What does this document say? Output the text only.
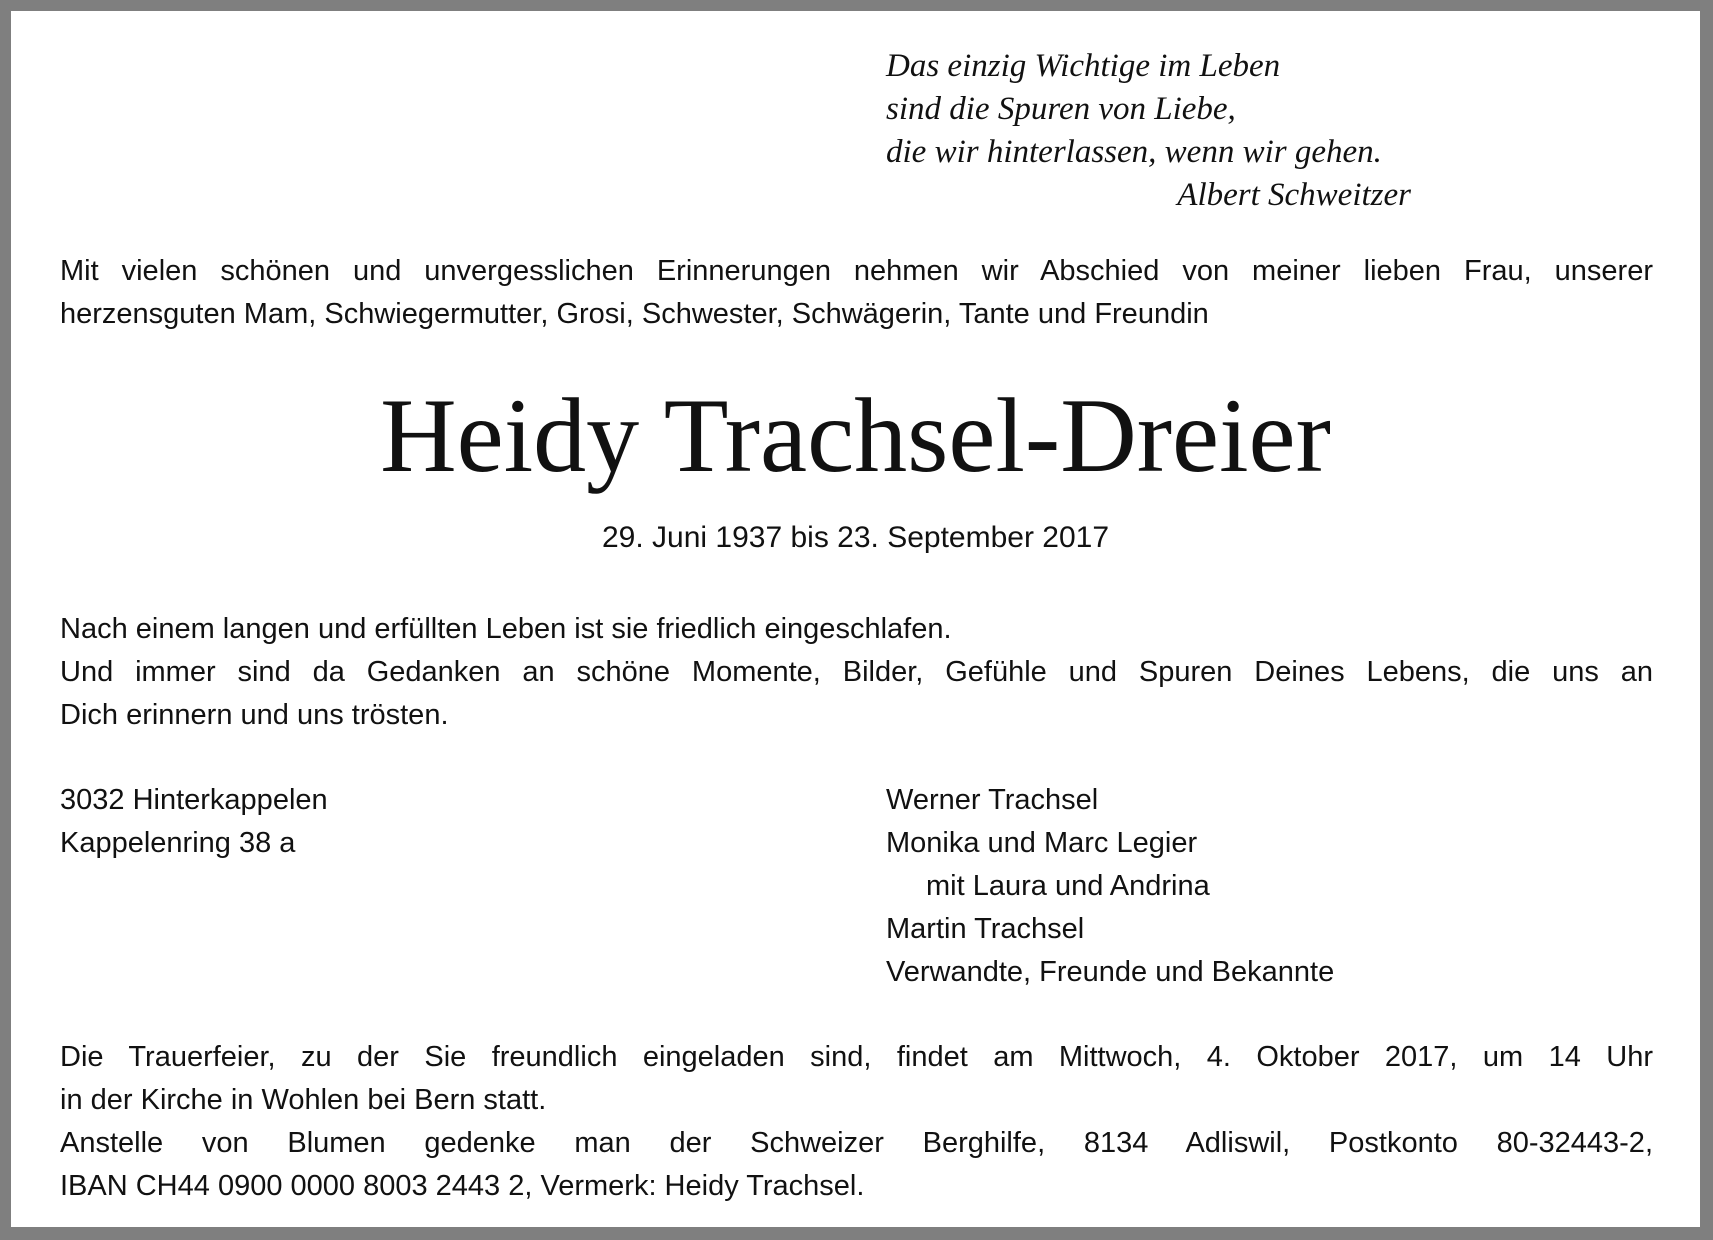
Das einzig Wichtige im Leben
sind die Spuren von Liebe,
die wir hinterlassen, wenn wir gehen.
Albert Schweitzer
Mit vielen schönen und unvergesslichen Erinnerungen nehmen wir Abschied von meiner lieben Frau, unserer
herzensguten Mam, Schwiegermutter, Grosi, Schwester, Schwägerin, Tante und Freundin
Heidy Trachsel-Dreier
29. Juni 1937 bis 23. September 2017
Nach einem langen und erfüllten Leben ist sie friedlich eingeschlafen.
Und immer sind da Gedanken an schöne Momente, Bilder, Gefühle und Spuren Deines Lebens, die uns an
Dich erinnern und uns trösten.
3032 Hinterkappelen
Kappelenring 38 a
Werner Trachsel
Monika und Marc Legier
mit Laura und Andrina
Martin Trachsel
Verwandte, Freunde und Bekannte
Die Trauerfeier, zu der Sie freundlich eingeladen sind, findet am Mittwoch, 4. Oktober 2017, um 14 Uhr
in der Kirche in Wohlen bei Bern statt.
Anstelle von Blumen gedenke man der Schweizer Berghilfe, 8134 Adliswil, Postkonto 80-32443-2,
IBAN CH44 0900 0000 8003 2443 2, Vermerk: Heidy Trachsel.
